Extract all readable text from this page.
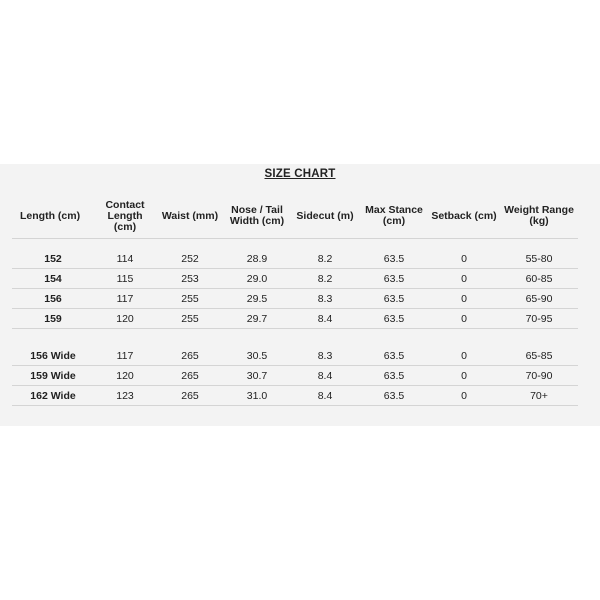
SIZE CHART
Length (cm)	Contact Length (cm)	Waist (mm)	Nose / Tail Width (cm)	Sidecut (m)	Max Stance (cm)	Setback (cm)	Weight Range (kg)

152	114	252	28.9	8.2	63.5	0	55-80
154	115	253	29.0	8.2	63.5	0	60-85
156	117	255	29.5	8.3	63.5	0	65-90
159	120	255	29.7	8.4	63.5	0	70-95

156 Wide	117	265	30.5	8.3	63.5	0	65-85
159 Wide	120	265	30.7	8.4	63.5	0	70-90
162 Wide	123	265	31.0	8.4	63.5	0	70+
